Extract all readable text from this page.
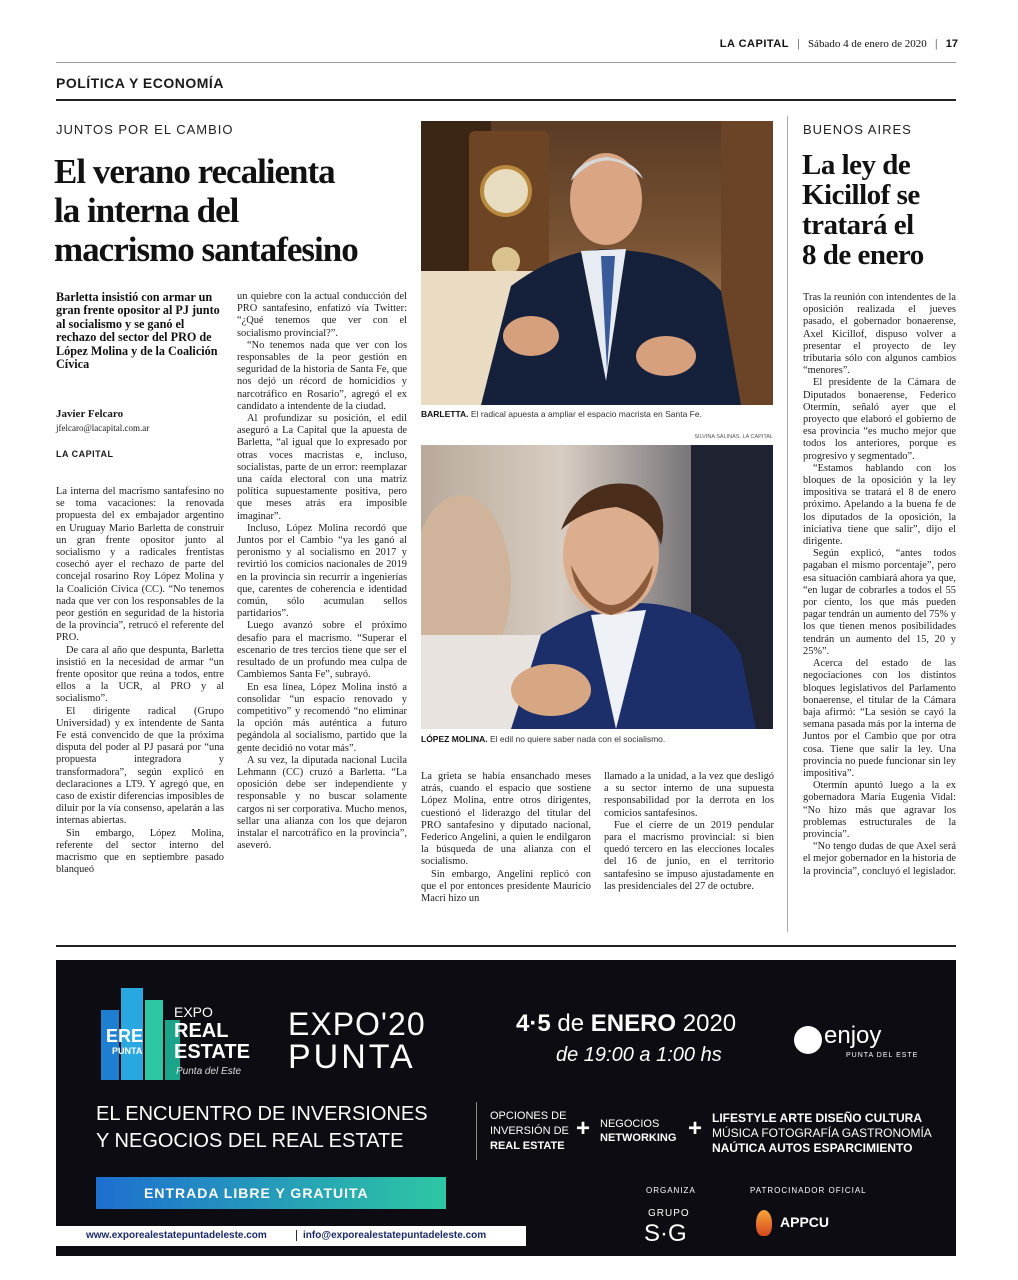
LA CAPITAL | Sábado 4 de enero de 2020 | 17
POLÍTICA Y ECONOMÍA
JUNTOS POR EL CAMBIO
El verano recalienta
la interna del
macrismo santafesino
Barletta insistió con armar un gran frente opositor al PJ junto al socialismo y se ganó el rechazo del sector del PRO de López Molina y de la Coalición Cívica
Javier Felcaro
jfelcaro@lacapital.com.ar
LA CAPITAL

La interna del macrismo santafesino no se toma vacaciones: la renovada propuesta del ex embajador argentino en Uruguay Mario Barletta de construir un gran frente opositor junto al socialismo y a radicales frentistas cosechó ayer el rechazo de parte del concejal rosarino Roy López Molina y la Coalición Cívica (CC). “No tenemos nada que ver con los responsables de la peor gestión en seguridad de la historia de la provincia”, retrucó el referente del PRO.

De cara al año que despunta, Barletta insistió en la necesidad de armar “un frente opositor que reúna a todos, entre ellos a la UCR, al PRO y al socialismo”.

El dirigente radical (Grupo Universidad) y ex intendente de Santa Fe está convencido de que la próxima disputa del poder al PJ pasará por “una propuesta integradora y transformadora”, según explicó en declaraciones a LT9. Y agregó que, en caso de existir diferencias imposibles de diluir por la vía consenso, apelarán a las internas abiertas.

Sin embargo, López Molina, referente del sector interno del macrismo que en septiembre pasado blanqueó

un quiebre con la actual conducción del PRO santafesino, enfatizó vía Twitter: “¿Qué tenemos que ver con el socialismo provincial?”.

“No tenemos nada que ver con los responsables de la peor gestión en seguridad de la historia de Santa Fe, que nos dejó un récord de homicidios y narcotráfico en Rosario”, agregó el ex candidato a intendente de la ciudad.

Al profundizar su posición, el edil aseguró a La Capital que la apuesta de Barletta, “al igual que lo expresado por otras voces macristas e, incluso, socialistas, parte de un error: reemplazar una caída electoral con una matriz política supuestamente positiva, pero que meses atrás era imposible imaginar”.

Incluso, López Molina recordó que Juntos por el Cambio “ya les ganó al peronismo y al socialismo en 2017 y revirtió los comicios nacionales de 2019 en la provincia sin recurrir a ingenierías que, carentes de coherencia e identidad común, sólo acumulan sellos partidarios”.

Luego avanzó sobre el próximo desafío para el macrismo. “Superar el escenario de tres tercios tiene que ser el resultado de un profundo mea culpa de Cambiemos Santa Fe”, subrayó.

En esa línea, López Molina instó a consolidar “un espacio renovado y competitivo” y recomendó “no eliminar la opción más auténtica a futuro pegándola al socialismo, partido que la gente decidió no votar más”.

A su vez, la diputada nacional Lucila Lehmann (CC) cruzó a Barletta. “La oposición debe ser independiente y responsable y no buscar solamente cargos ni ser corporativa. Mucho menos, sellar una alianza con los que dejaron instalar el narcotráfico en la provincia”, aseveró.

BARLETTA. El radical apuesta a ampliar el espacio macrista en Santa Fe.
SILVINA SALINAS. LA CAPITAL
LÓPEZ MOLINA. El edil no quiere saber nada con el socialismo.

La grieta se había ensanchado meses atrás, cuando el espacio que sostiene López Molina, entre otros dirigentes, cuestionó el liderazgo del titular del PRO santafesino y diputado nacional, Federico Angelini, a quien le endilgaron la búsqueda de una alianza con el socialismo.

Sin embargo, Angelini replicó con que el por entonces presidente Mauricio Macri hizo un

llamado a la unidad, a la vez que desligó a su sector interno de una supuesta responsabilidad por la derrota en los comicios santafesinos.

Fue el cierre de un 2019 pendular para el macrismo provincial: si bien quedó tercero en las elecciones locales del 16 de junio, en el territorio santafesino se impuso ajustadamente en las presidenciales del 27 de octubre.

BUENOS AIRES
La ley de
Kicillof se
tratará el
8 de enero

Tras la reunión con intendentes de la oposición realizada el jueves pasado, el gobernador bonaerense, Axel Kicillof, dispuso volver a presentar el proyecto de ley tributaria sólo con algunos cambios “menores”.

El presidente de la Cámara de Diputados bonaerense, Federico Otermín, señaló ayer que el proyecto que elaboró el gobierno de esa provincia “es mucho mejor que todos los anteriores, porque es progresivo y segmentado”.

“Estamos hablando con los bloques de la oposición y la ley impositiva se tratará el 8 de enero próximo. Apelando a la buena fe de los diputados de la oposición, la iniciativa tiene que salir”, dijo el dirigente.

Según explicó, “antes todos pagaban el mismo porcentaje”, pero esa situación cambiará ahora ya que, “en lugar de cobrarles a todos el 55 por ciento, los que más pueden pagar tendrán un aumento del 75% y los que tienen menos posibilidades tendrán un aumento del 15, 20 y 25%”.

Acerca del estado de las negociaciones con los distintos bloques legislativos del Parlamento bonaerense, el titular de la Cámara baja afirmó: “La sesión se cayó la semana pasada más por la interna de Juntos por el Cambio que por otra cosa. Tiene que salir la ley. Una provincia no puede funcionar sin ley impositiva”.

Otermín apuntó luego a la ex gobernadora María Eugenia Vidal: “No hizo más que agravar los problemas estructurales de la provincia”.

“No tengo dudas de que Axel será el mejor gobernador en la historia de la provincia”, concluyó el legislador.

ERE
PUNTA
EXPO
REAL
ESTATE
Punta del Este
EXPO'20
PUNTA
4·5 de ENERO 2020
de 19:00 a 1:00 hs
enjoy
PUNTA DEL ESTE
EL ENCUENTRO DE INVERSIONES
Y NEGOCIOS DEL REAL ESTATE
OPCIONES DE
INVERSIÓN DE
REAL ESTATE
+ NEGOCIOS
NETWORKING + LIFESTYLE ARTE DISEÑO CULTURA
MÚSICA FOTOGRAFÍA GASTRONOMÍA
NAÚTICA AUTOS ESPARCIMIENTO
ENTRADA LIBRE Y GRATUITA
www.exporealestatepuntadeleste.com	info@exporealestatepuntadeleste.com
ORGANIZA
GRUPO
S·G
PATROCINADOR OFICIAL
APPCU
